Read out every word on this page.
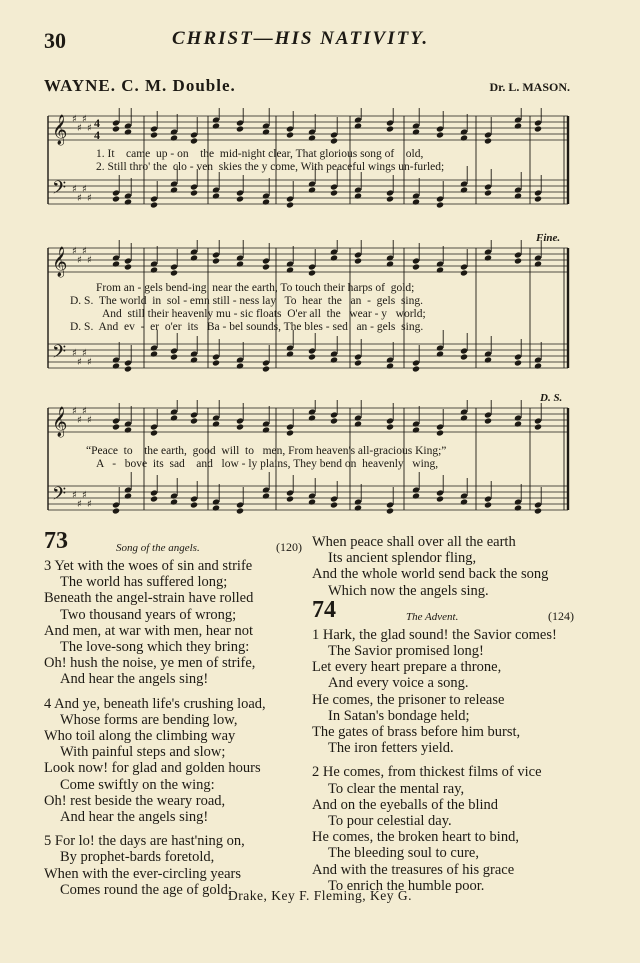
30	CHRIST—HIS NATIVITY.
WAYNE. C. M. Double.	Dr. L. MASON.
𝄞
𝄢
♯
♯
♯
♯
♯
♯
♯
♯
4
4
1. It    came  up - on    the  mid-night clear, That glorious song of    old,
2. Still thro' the  clo - ven  skies the y come, With peaceful wings un-furled;
Fine.
𝄞
𝄢
♯
♯
♯
♯
♯
♯
♯
♯
From an - gels bend-ing  near the earth, To touch their harps of  gold;
D. S.  The world  in  sol - emn still - ness lay   To  hear  the   an  -  gels  sing.
And  still their heavenly mu - sic floats  O'er all  the   wear - y   world;
D. S.  And  ev  -  er  o'er  its   Ba - bel sounds, The bles - sed   an - gels  sing.
D. S.
𝄞
𝄢
♯
♯
♯
♯
♯
♯
♯
♯
“Peace  to    the earth,  good  will  to   men, From heaven's all-gracious King;”
A   -   bove  its  sad    and   low - ly plains, They bend on  heavenly   wing,
73	Song of the angels.	(120)
3 Yet with the woes of sin and strife
The world has suffered long;
Beneath the angel-strain have rolled
Two thousand years of wrong;
And men, at war with men, hear not
The love-song which they bring:
Oh! hush the noise, ye men of strife,
And hear the angels sing!
4 And ye, beneath life's crushing load,
Whose forms are bending low,
Who toil along the climbing way
With painful steps and slow;
Look now! for glad and golden hours
Come swiftly on the wing:
Oh! rest beside the weary road,
And hear the angels sing!
5 For lo! the days are hast'ning on,
By prophet-bards foretold,
When with the ever-circling years
Comes round the age of gold;
When peace shall over all the earth
Its ancient splendor fling,
And the whole world send back the song
Which now the angels sing.
74	The Advent.	(124)
1 Hark, the glad sound! the Savior comes!
The Savior promised long!
Let every heart prepare a throne,
And every voice a song.
He comes, the prisoner to release
In Satan's bondage held;
The gates of brass before him burst,
The iron fetters yield.
2 He comes, from thickest films of vice
To clear the mental ray,
And on the eyeballs of the blind
To pour celestial day.
He comes, the broken heart to bind,
The bleeding soul to cure,
And with the treasures of his grace
To enrich the humble poor.
Drake, Key F. Fleming, Key G.
